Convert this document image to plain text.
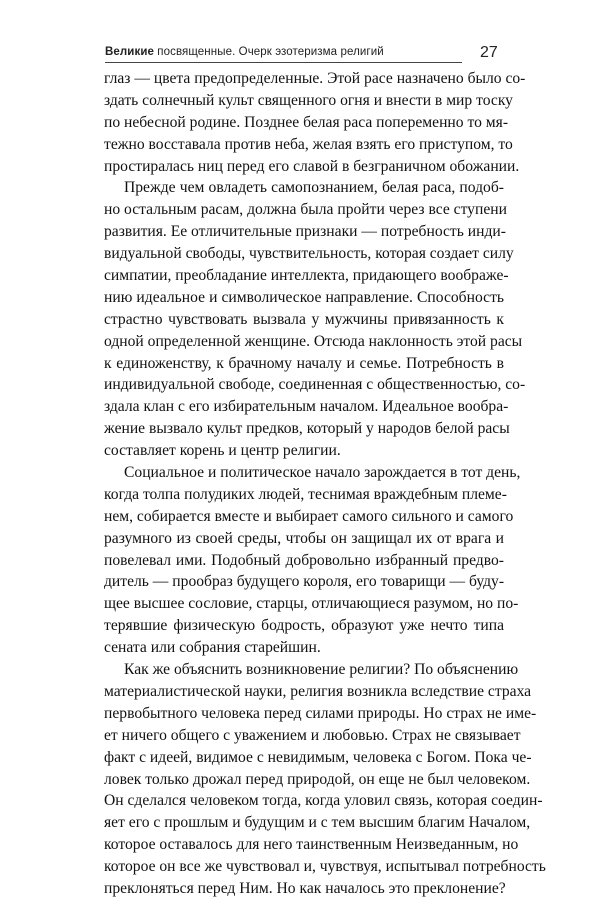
Великие посвященные. Очерк эзотеризма религий	27
глаз — цвета предопределенные. Этой расе назначено было со-
здать солнечный культ священного огня и внести в мир тоску
по небесной родине. Позднее белая раса попеременно то мя-
тежно восставала против неба, желая взять его приступом, то
простиралась ниц перед его славой в безграничном обожании.
Прежде чем овладеть самопознанием, белая раса, подоб-
но остальным расам, должна была пройти через все ступени
развития. Ее отличительные признаки — потребность инди-
видуальной свободы, чувствительность, которая создает силу
симпатии, преобладание интеллекта, придающего воображе-
нию идеальное и символическое направление. Способность
страстно чувствовать вызвала у мужчины привязанность к
одной определенной женщине. Отсюда наклонность этой расы
к единоженству, к брачному началу и семье. Потребность в
индивидуальной свободе, соединенная с общественностью, со-
здала клан с его избирательным началом. Идеальное вообра-
жение вызвало культ предков, который у народов белой расы
составляет корень и центр религии.
Социальное и политическое начало зарождается в тот день,
когда толпа полудиких людей, теснимая враждебным племе-
нем, собирается вместе и выбирает самого сильного и самого
разумного из своей среды, чтобы он защищал их от врага и
повелевал ими. Подобный добровольно избранный предво-
дитель — прообраз будущего короля, его товарищи — буду-
щее высшее сословие, старцы, отличающиеся разумом, но по-
терявшие физическую бодрость, образуют уже нечто типа
сената или собрания старейшин.
Как же объяснить возникновение религии? По объяснению
материалистической науки, религия возникла вследствие страха
первобытного человека перед силами природы. Но страх не име-
ет ничего общего с уважением и любовью. Страх не связывает
факт с идеей, видимое с невидимым, человека с Богом. Пока че-
ловек только дрожал перед природой, он еще не был человеком.
Он сделался человеком тогда, когда уловил связь, которая соедин-
яет его с прошлым и будущим и с тем высшим благим Началом,
которое оставалось для него таинственным Неизведанным, но
которое он все же чувствовал и, чувствуя, испытывал потребность
преклоняться перед Ним. Но как началось это преклонение?
